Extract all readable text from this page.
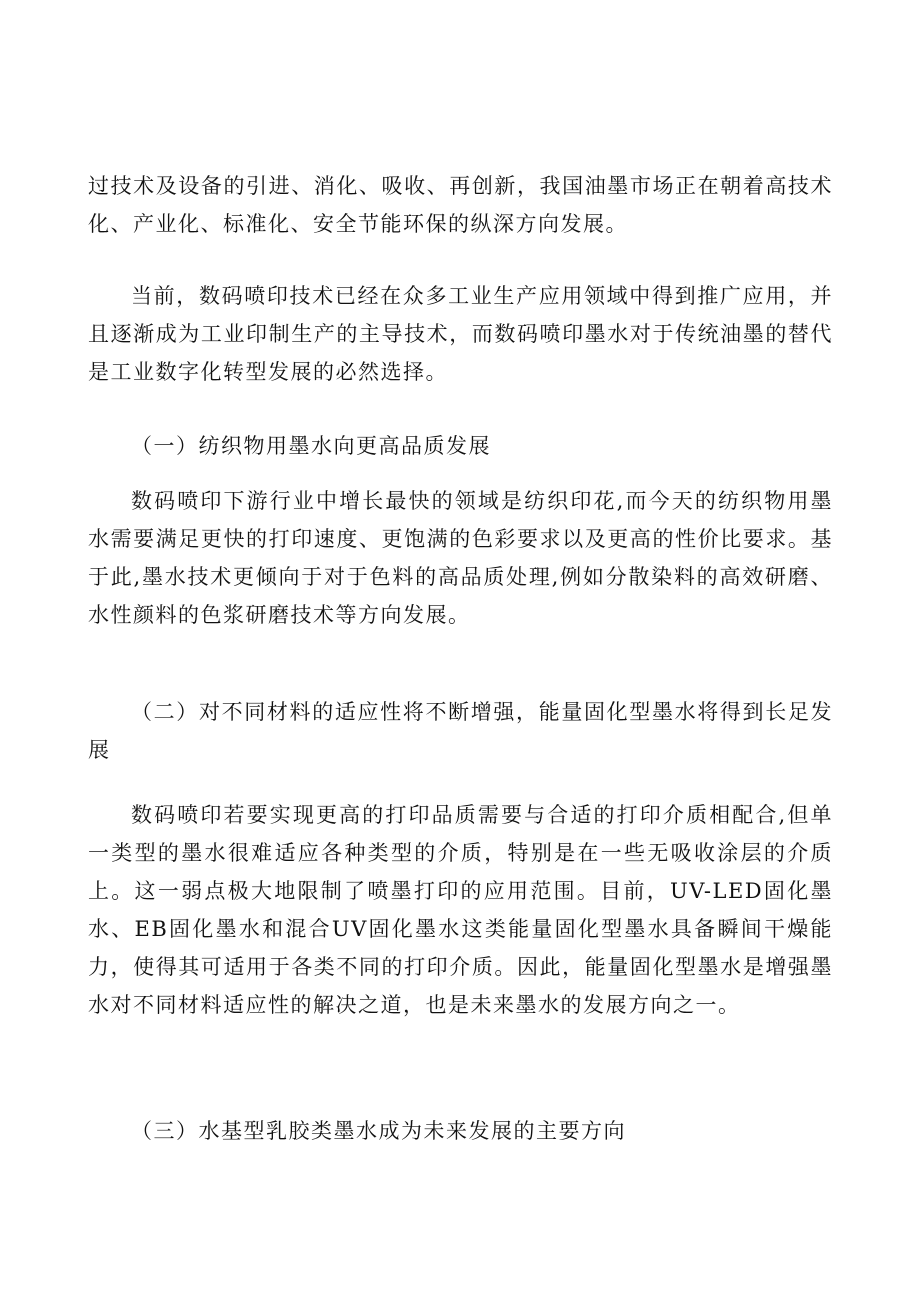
过技术及设备的引进、消化、吸收、再创新，我国油墨市场正在朝着高技术化、产业化、标准化、安全节能环保的纵深方向发展。

当前，数码喷印技术已经在众多工业生产应用领域中得到推广应用，并且逐渐成为工业印制生产的主导技术，而数码喷印墨水对于传统油墨的替代是工业数字化转型发展的必然选择。

（一）纺织物用墨水向更高品质发展

数码喷印下游行业中增长最快的领域是纺织印花,而今天的纺织物用墨水需要满足更快的打印速度、更饱满的色彩要求以及更高的性价比要求。基于此,墨水技术更倾向于对于色料的高品质处理,例如分散染料的高效研磨、水性颜料的色浆研磨技术等方向发展。

（二）对不同材料的适应性将不断增强，能量固化型墨水将得到长足发展

数码喷印若要实现更高的打印品质需要与合适的打印介质相配合,但单一类型的墨水很难适应各种类型的介质，特别是在一些无吸收涂层的介质上。这一弱点极大地限制了喷墨打印的应用范围。目前，UV-LED固化墨水、EB固化墨水和混合UV固化墨水这类能量固化型墨水具备瞬间干燥能力，使得其可适用于各类不同的打印介质。因此，能量固化型墨水是增强墨水对不同材料适应性的解决之道，也是未来墨水的发展方向之一。

（三）水基型乳胶类墨水成为未来发展的主要方向
